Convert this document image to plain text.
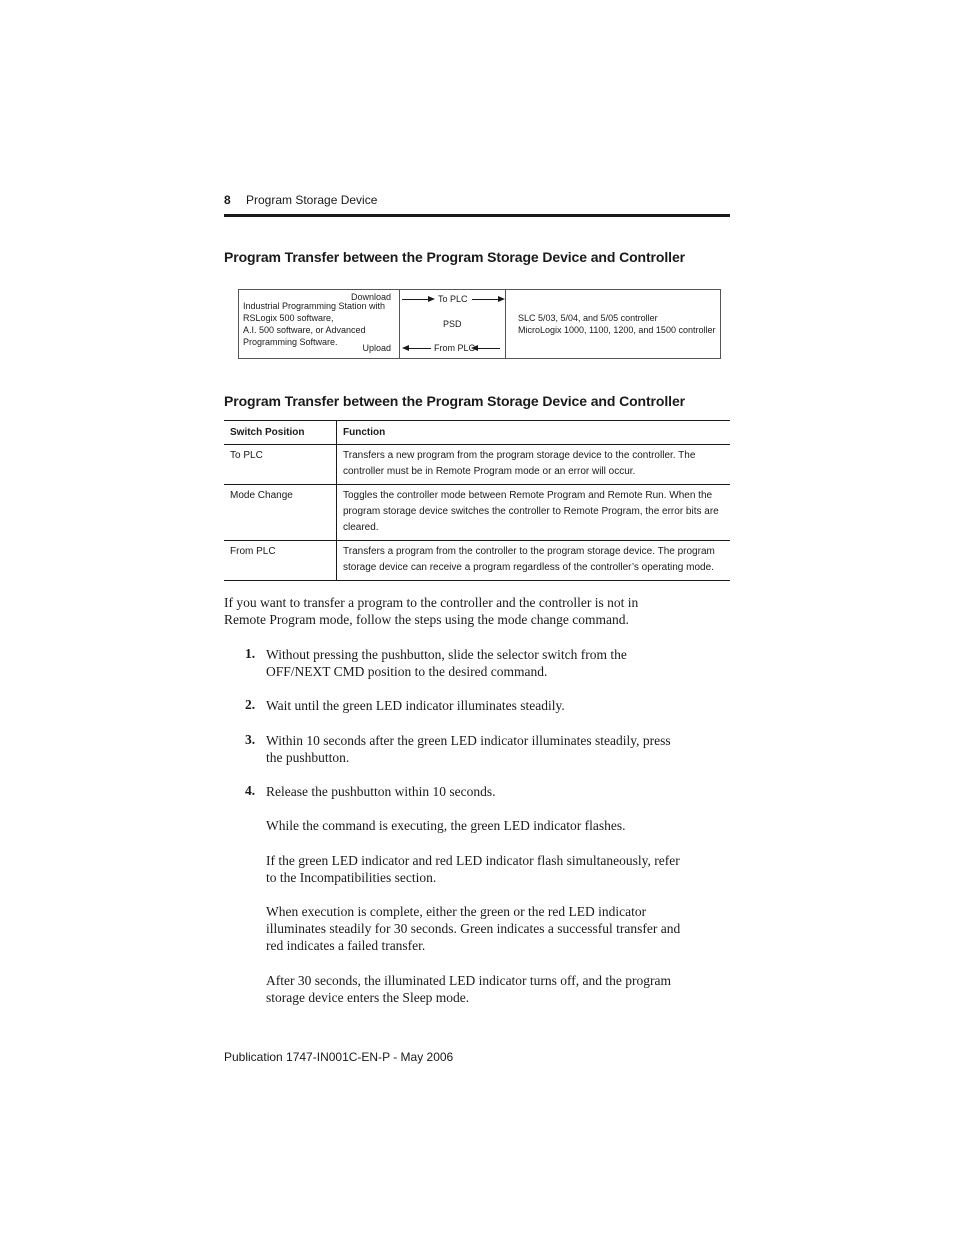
8 Program Storage Device
Program Transfer between the Program Storage Device and Controller
Industrial Programming Station with
RSLogix 500 software,
A.I. 500 software, or Advanced
Programming Software.
Download
Upload
To PLC
PSD
From PLC
SLC 5/03, 5/04, and 5/05 controller
MicroLogix 1000, 1100, 1200, and 1500 controller
Program Transfer between the Program Storage Device and Controller
Switch Position	Function
To PLC	Transfers a new program from the program storage device to the controller. The
controller must be in Remote Program mode or an error will occur.

Mode Change	Toggles the controller mode between Remote Program and Remote Run. When the
program storage device switches the controller to Remote Program, the error bits are
cleared.

From PLC	Transfers a program from the controller to the program storage device. The program
storage device can receive a program regardless of the controller’s operating mode.
If you want to transfer a program to the controller and the controller is not in
Remote Program mode, follow the steps using the mode change command.
1. Without pressing the pushbutton, slide the selector switch from the
OFF/NEXT CMD position to the desired command.
2. Wait until the green LED indicator illuminates steadily.
3. Within 10 seconds after the green LED indicator illuminates steadily, press
the pushbutton.
4. Release the pushbutton within 10 seconds.
While the command is executing, the green LED indicator flashes.
If the green LED indicator and red LED indicator flash simultaneously, refer
to the Incompatibilities section.
When execution is complete, either the green or the red LED indicator
illuminates steadily for 30 seconds. Green indicates a successful transfer and
red indicates a failed transfer.
After 30 seconds, the illuminated LED indicator turns off, and the program
storage device enters the Sleep mode.
Publication 1747-IN001C-EN-P - May 2006
